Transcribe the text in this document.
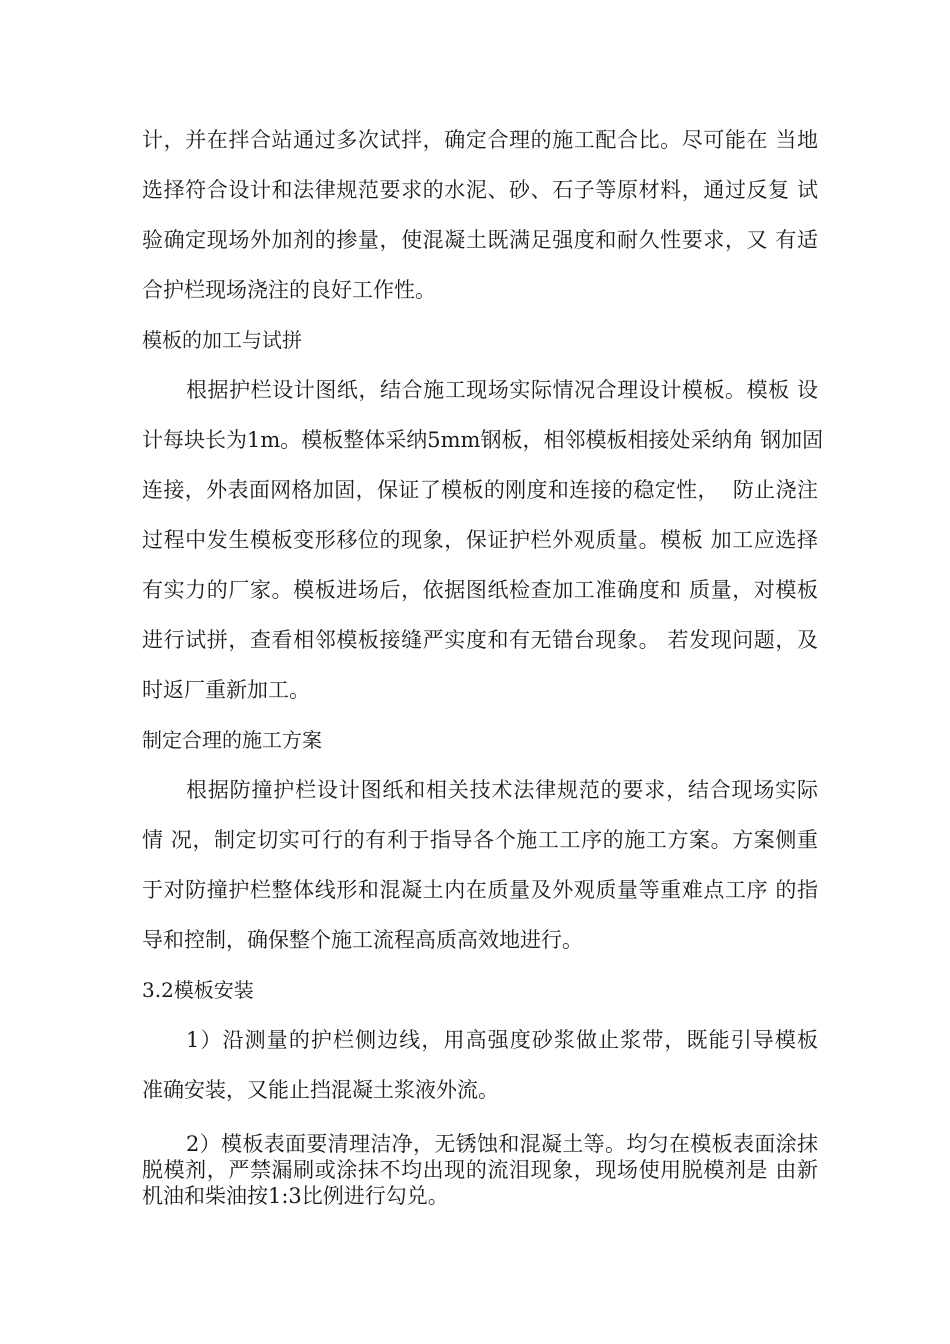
计，并在拌合站通过多次试拌，确定合理的施工配合比。尽可能在 当地
选择符合设计和法律规范要求的水泥、砂、石子等原材料，通过反复 试
验确定现场外加剂的掺量，使混凝土既满足强度和耐久性要求，又 有适
合护栏现场浇注的良好工作性。
模板的加工与试拼
根据护栏设计图纸，结合施工现场实际情况合理设计模板。模板 设
计每块长为1m。模板整体采纳5mm钢板，相邻模板相接处采纳角 钢加固
连接，外表面网格加固，保证了模板的刚度和连接的稳定性，  防止浇注
过程中发生模板变形移位的现象，保证护栏外观质量。模板 加工应选择
有实力的厂家。模板进场后，依据图纸检查加工准确度和 质量，对模板
进行试拼，查看相邻模板接缝严实度和有无错台现象。 若发现问题，及
时返厂重新加工。
制定合理的施工方案
根据防撞护栏设计图纸和相关技术法律规范的要求，结合现场实际
情 况，制定切实可行的有利于指导各个施工工序的施工方案。方案侧重
于对防撞护栏整体线形和混凝土内在质量及外观质量等重难点工序 的指
导和控制，确保整个施工流程高质高效地进行。
3.2模板安装
1）沿测量的护栏侧边线，用高强度砂浆做止浆带，既能引导模板
准确安装，又能止挡混凝土浆液外流。
2）模板表面要清理洁净，无锈蚀和混凝土等。均匀在模板表面涂抹
脱模剂，严禁漏刷或涂抹不均出现的流泪现象，现场使用脱模剂是 由新
机油和柴油按1:3比例进行勾兑。
